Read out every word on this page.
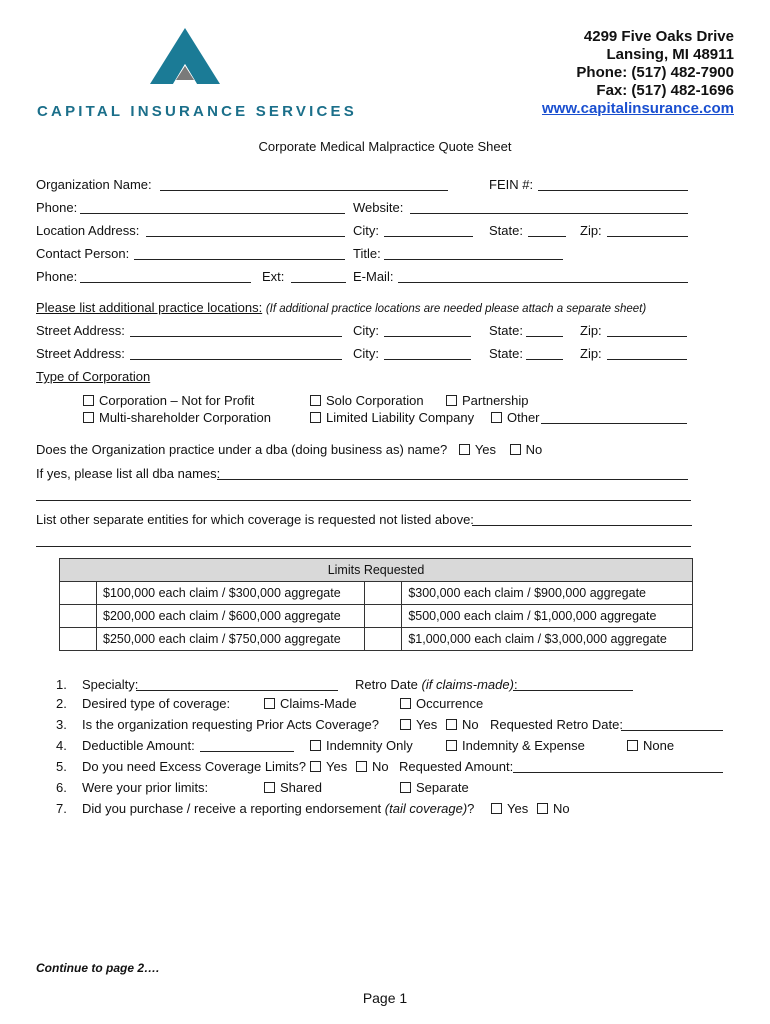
CAPITAL INSURANCE SERVICES
4299 Five Oaks Drive
Lansing, MI 48911
Phone: (517) 482-7900
Fax: (517) 482-1696
www.capitalinsurance.com
Corporate Medical Malpractice Quote Sheet
Organization Name:	FEIN #:
Phone:	Website:
Location Address:	City:	State:	Zip:
Contact Person:	Title:
Phone:	Ext:	E-Mail:
Please list additional practice locations: (If additional practice locations are needed please attach a separate sheet)
Street Address:	City:	State:	Zip:
Street Address:	City:	State:	Zip:
Type of Corporation
Corporation – Not for Profit
Multi-shareholder Corporation
Solo Corporation
Limited Liability Company
Partnership
Other
Does the Organization practice under a dba (doing business as) name? Yes No
If yes, please list all dba names:
List other separate entities for which coverage is requested not listed above:
Limits Requested			
	$100,000 each claim / $300,000 aggregate		$300,000 each claim / $900,000 aggregate
	$200,000 each claim / $600,000 aggregate		$500,000 each claim / $1,000,000 aggregate
	$250,000 each claim / $750,000 aggregate		$1,000,000 each claim / $3,000,000 aggregate
1. Specialty:	Retro Date (if claims-made):
2. Desired type of coverage:	Claims-Made	Occurrence
3. Is the organization requesting Prior Acts Coverage?	Yes	No Requested Retro Date:
4. Deductible Amount:	Indemnity Only	Indemnity & Expense	None
5. Do you need Excess Coverage Limits?	Yes	No Requested Amount:
6. Were your prior limits:	Shared	Separate
7. Did you purchase / receive a reporting endorsement (tail coverage)?	Yes	No
Continue to page 2….
Page 1
